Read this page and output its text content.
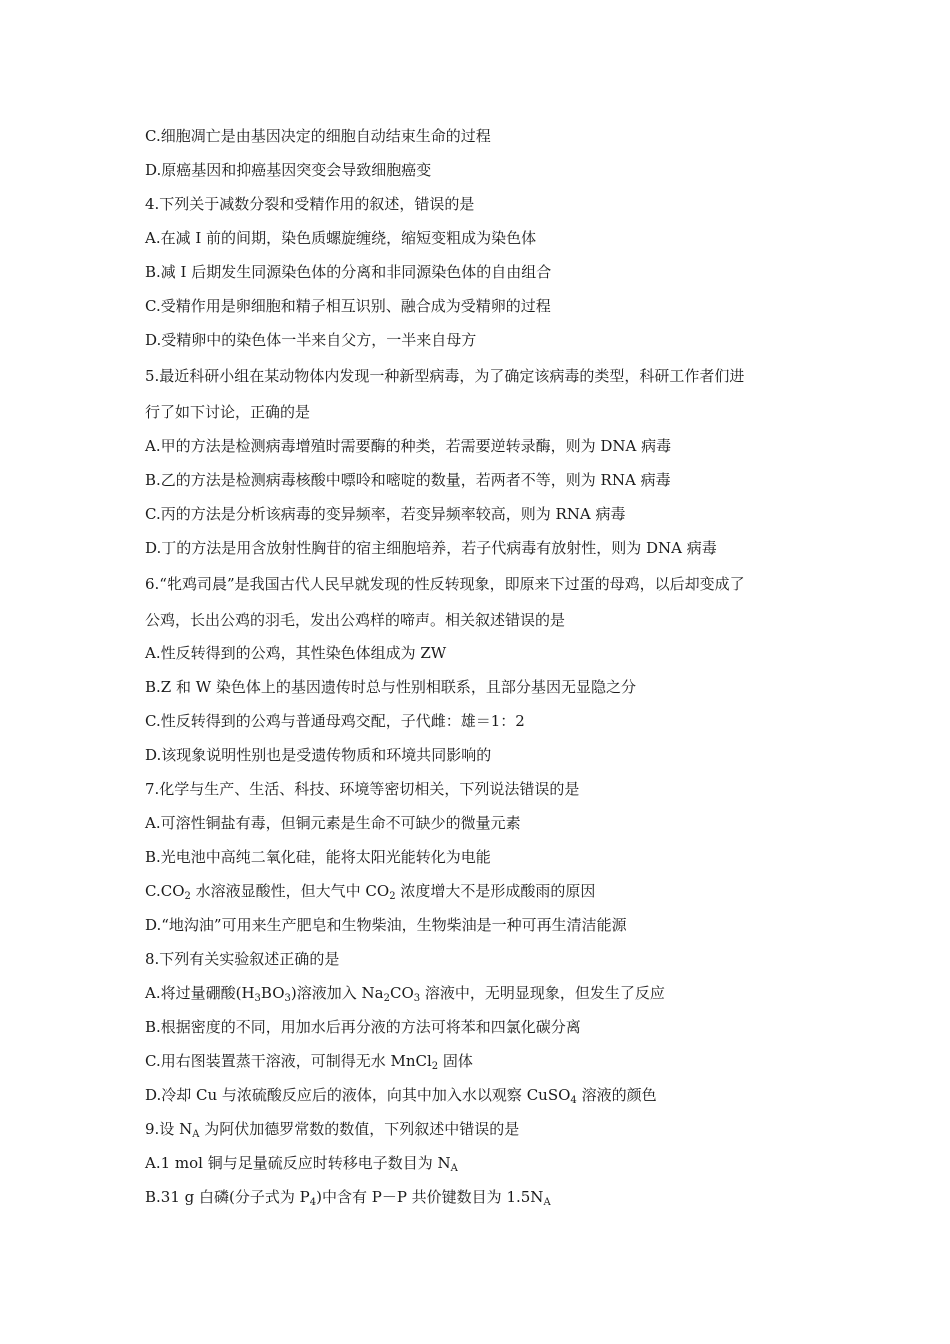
C.细胞凋亡是由基因决定的细胞自动结束生命的过程
D.原癌基因和抑癌基因突变会导致细胞癌变
4.下列关于减数分裂和受精作用的叙述，错误的是
A.在减 I 前的间期，染色质螺旋缠绕，缩短变粗成为染色体
B.减 I 后期发生同源染色体的分离和非同源染色体的自由组合
C.受精作用是卵细胞和精子相互识别、融合成为受精卵的过程
D.受精卵中的染色体一半来自父方，一半来自母方
5.最近科研小组在某动物体内发现一种新型病毒，为了确定该病毒的类型，科研工作者们进
行了如下讨论，正确的是
A.甲的方法是检测病毒增殖时需要酶的种类，若需要逆转录酶，则为 DNA 病毒
B.乙的方法是检测病毒核酸中嘌呤和嘧啶的数量，若两者不等，则为 RNA 病毒
C.丙的方法是分析该病毒的变异频率，若变异频率较高，则为 RNA 病毒
D.丁的方法是用含放射性胸苷的宿主细胞培养，若子代病毒有放射性，则为 DNA 病毒
6.“牝鸡司晨”是我国古代人民早就发现的性反转现象，即原来下过蛋的母鸡，以后却变成了
公鸡，长出公鸡的羽毛，发出公鸡样的啼声。相关叙述错误的是
A.性反转得到的公鸡，其性染色体组成为 ZW
B.Z 和 W 染色体上的基因遗传时总与性别相联系，且部分基因无显隐之分
C.性反转得到的公鸡与普通母鸡交配，子代雌：雄＝1：2
D.该现象说明性别也是受遗传物质和环境共同影响的
7.化学与生产、生活、科技、环境等密切相关，下列说法错误的是
A.可溶性铜盐有毒，但铜元素是生命不可缺少的微量元素
B.光电池中高纯二氧化硅，能将太阳光能转化为电能
$C.CO_2$ 水溶液显酸性，但大气中 $CO_2$ 浓度增大不是形成酸雨的原因
D.“地沟油”可用来生产肥皂和生物柴油，生物柴油是一种可再生清洁能源
8.下列有关实验叙述正确的是
A.将过量硼酸$(H_3BO_3)$溶液加入 $Na_2CO_3$ 溶液中，无明显现象，但发生了反应
B.根据密度的不同，用加水后再分液的方法可将苯和四氯化碳分离
C.用右图装置蒸干溶液，可制得无水 MnCl$_2$ 固体
D.冷却 Cu 与浓硫酸反应后的液体，向其中加入水以观察 CuSO$_4$ 溶液的颜色
9.设 $N_A$ 为阿伏加德罗常数的数值，下列叙述中错误的是
A.1 mol 铜与足量硫反应时转移电子数目为 $N_A$
B.31 g 白磷(分子式为 $P_4$)中含有 P－P 共价键数目为 $1.5N_A$
